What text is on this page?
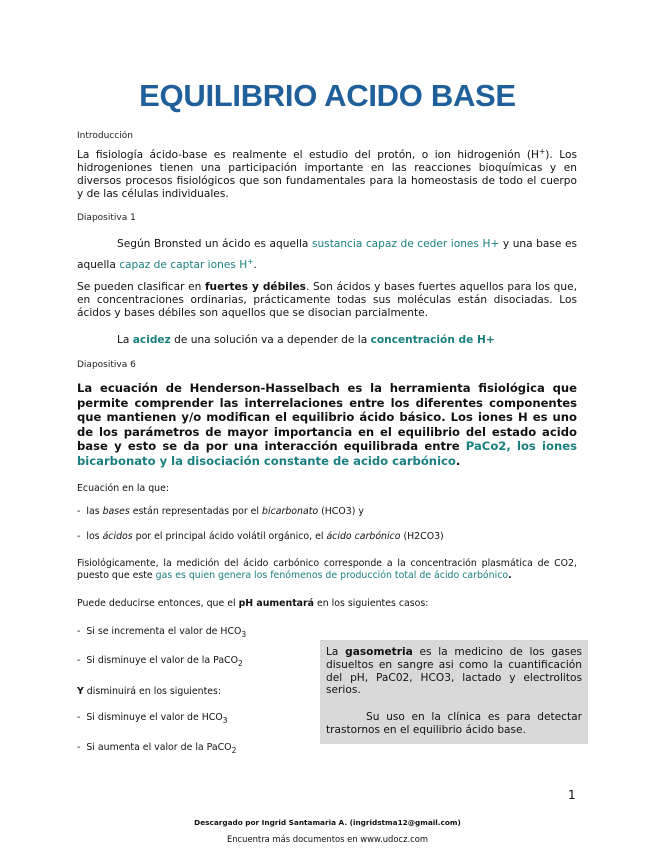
EQUILIBRIO ACIDO BASE
Introducción
La fisiología ácido-base es realmente el estudio del protón, o ion hidrogenión (H+). Los hidrogeniones tienen una participación importante en las reacciones bioquímicas y en diversos procesos fisiológicos que son fundamentales para la homeostasis de todo el cuerpo y de las células individuales.
Diapositiva 1
Según Bronsted un ácido es aquella sustancia capaz de ceder iones H+ y una base es aquella capaz de captar iones H+.
Se pueden clasificar en fuertes y débiles. Son ácidos y bases fuertes aquellos para los que, en concentraciones ordinarias, prácticamente todas sus moléculas están disociadas. Los ácidos y bases débiles son aquellos que se disocian parcialmente.
La acidez de una solución va a depender de la concentración de H+
Diapositiva 6
La ecuación de Henderson-Hasselbach es la herramienta fisiológica que permite comprender las interrelaciones entre los diferentes componentes que mantienen y/o modifican el equilibrio ácido básico. Los iones H es uno de los parámetros de mayor importancia en el equilibrio del estado acido base y esto se da por una interacción equilibrada entre PaCo2, los iones bicarbonato y la disociación constante de acido carbónico.
Ecuación en la que:
-  las bases están representadas por el bicarbonato (HCO3) y
-  los ácidos por el principal ácido volátil orgánico, el ácido carbónico (H2CO3)
Fisiológicamente, la medición del ácido carbónico corresponde a la concentración plasmática de CO2, puesto que este gas es quien genera los fenómenos de producción total de ácido carbónico.
Puede deducirse entonces, que el pH aumentará en los siguientes casos:
-  Si se incrementa el valor de $HCO_3$
-  Si disminuye el valor de la PaCO$_2$
Y disminuirá en los siguientes:
-  Si disminuye el valor de $HCO_3$
-  Si aumenta el valor de la PaCO$_2$
La gasometria es la medicino de los gases disueltos en sangre asi como la cuantificación del pH, PaC02, HCO3, lactado y electrolitos serios.
Su uso en la clínica es para detectar trastornos en el equilibrio ácido base.
1
Descargado por Ingrid Santamaria A. (ingridstma12@gmail.com)
Encuentra más documentos en www.udocz.com
